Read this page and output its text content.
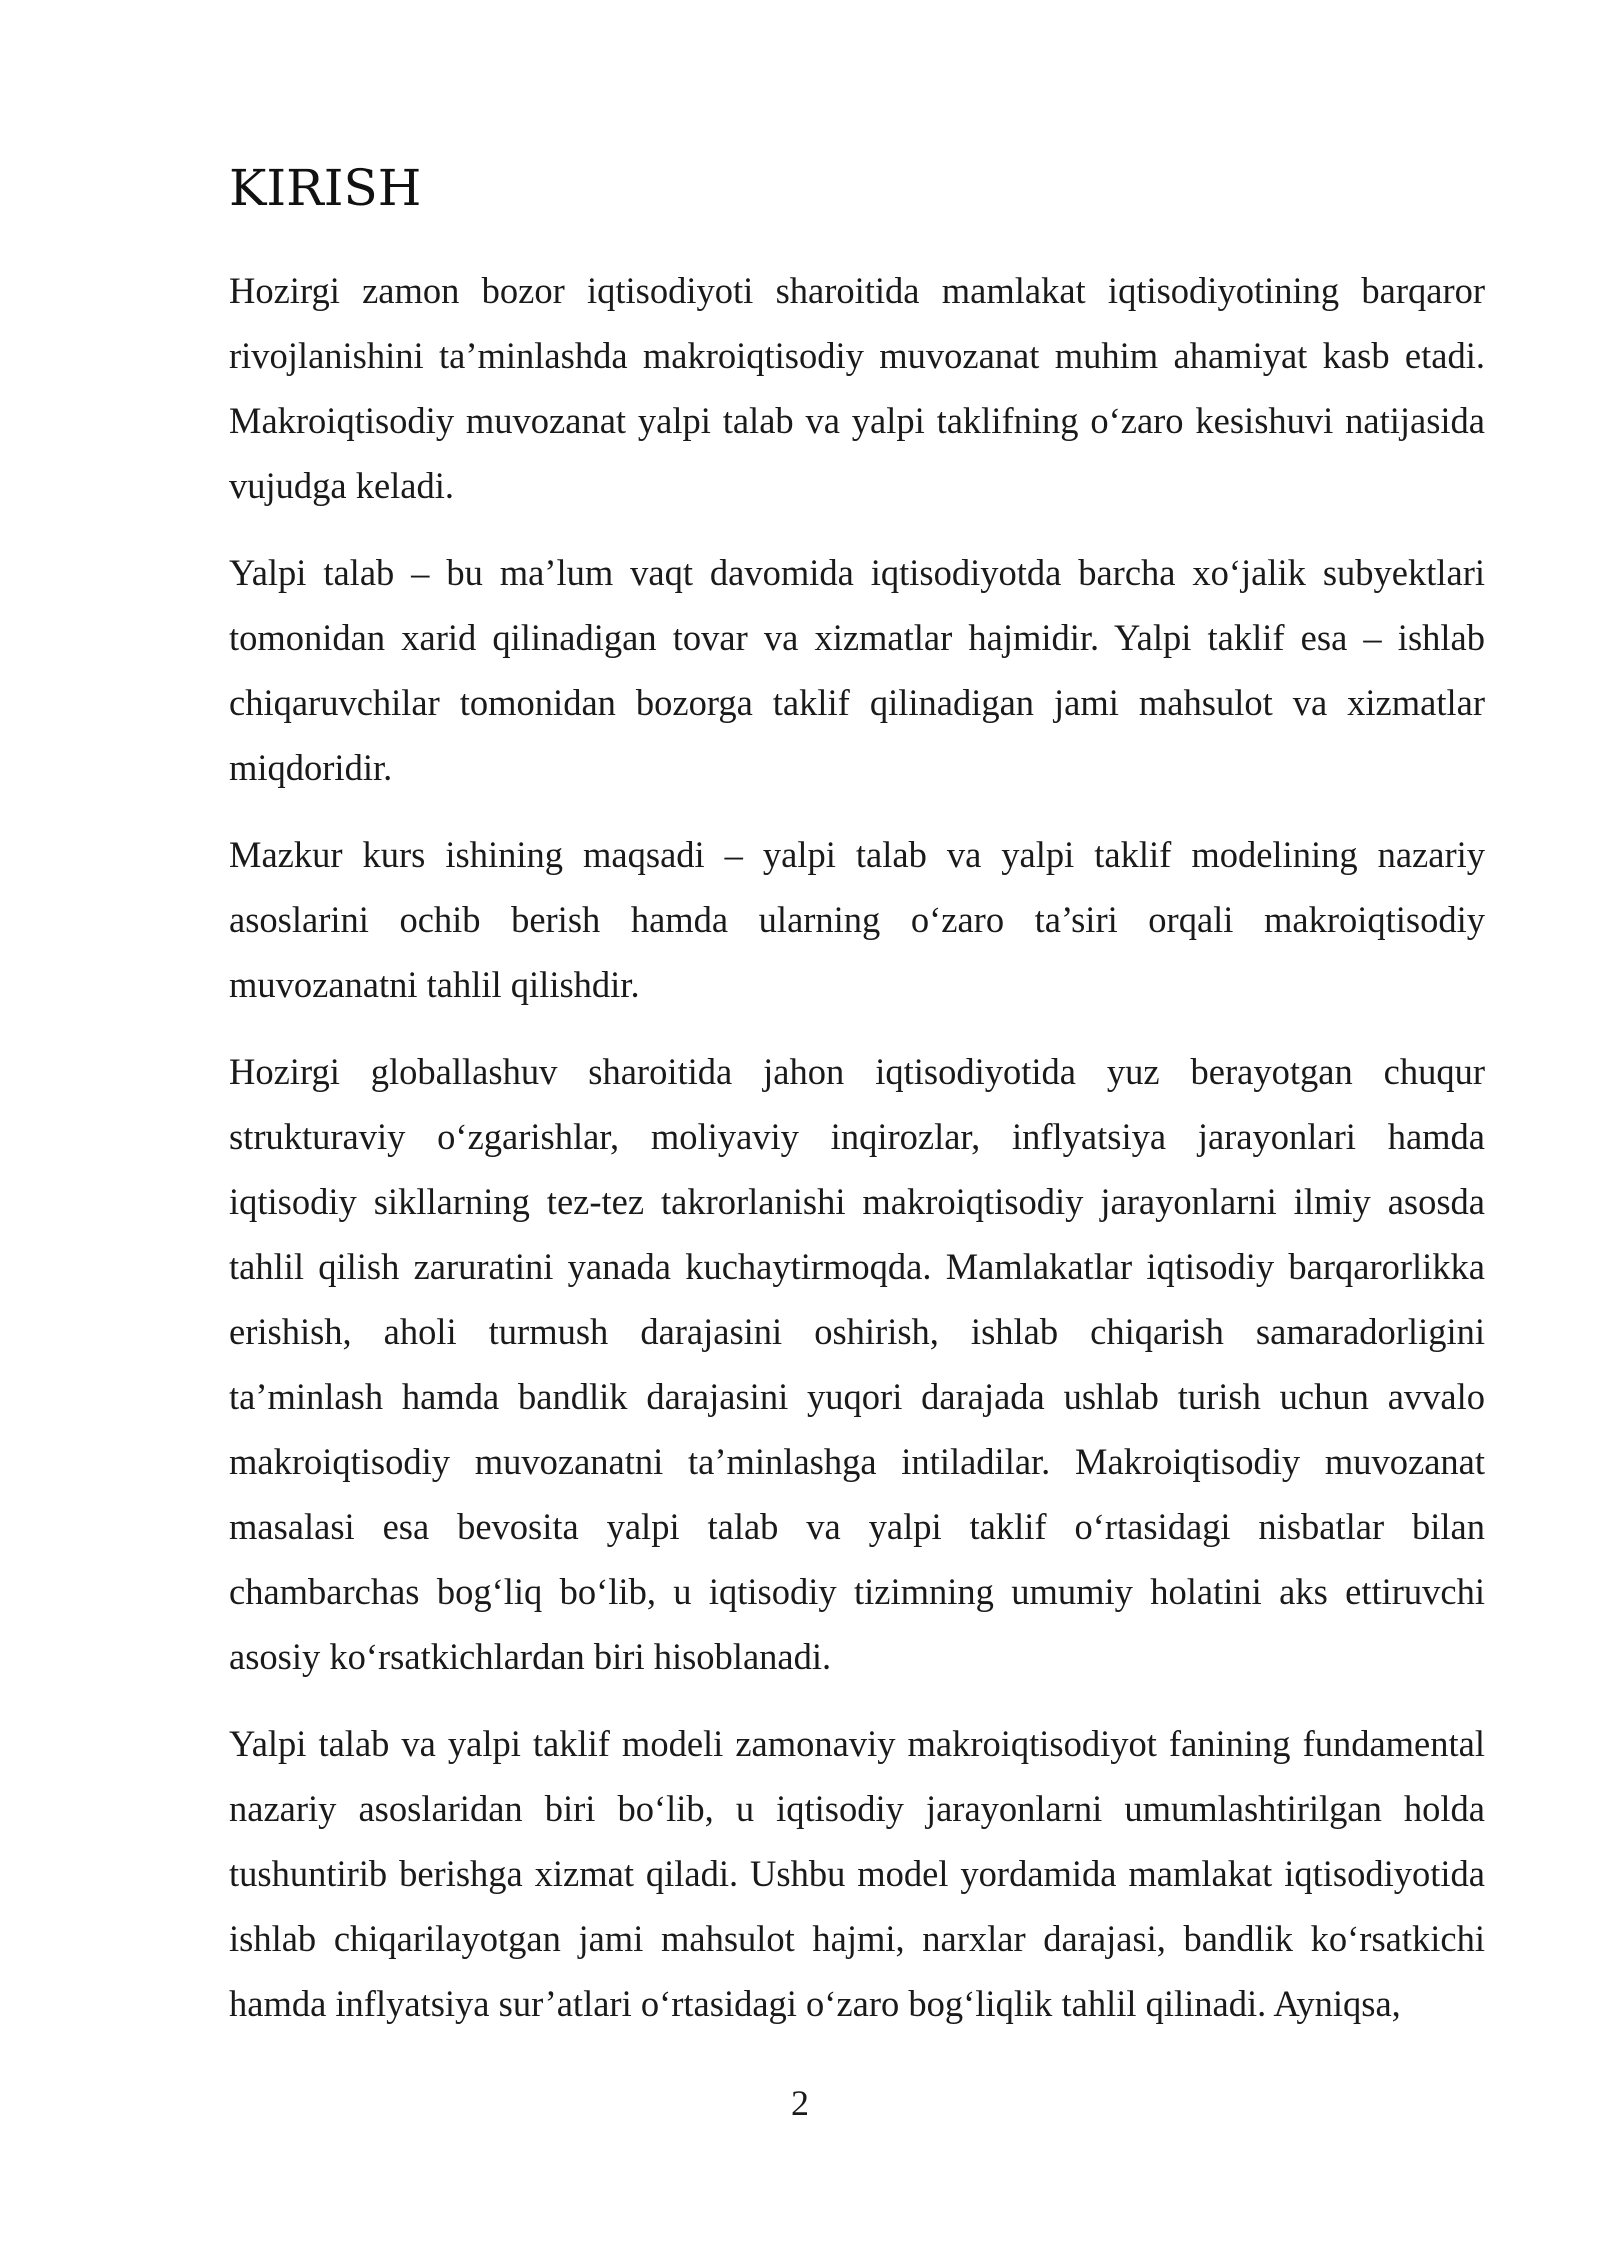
KIRISH

Hozirgi zamon bozor iqtisodiyoti sharoitida mamlakat iqtisodiyotining barqaror rivojlanishini ta’minlashda makroiqtisodiy muvozanat muhim ahamiyat kasb etadi. Makroiqtisodiy muvozanat yalpi talab va yalpi taklifning o‘zaro kesishuvi natijasida vujudga keladi.

Yalpi talab – bu ma’lum vaqt davomida iqtisodiyotda barcha xo‘jalik subyektlari tomonidan xarid qilinadigan tovar va xizmatlar hajmidir. Yalpi taklif esa – ishlab chiqaruvchilar tomonidan bozorga taklif qilinadigan jami mahsulot va xizmatlar miqdoridir.

Mazkur kurs ishining maqsadi – yalpi talab va yalpi taklif modelining nazariy asoslarini ochib berish hamda ularning o‘zaro ta’siri orqali makroiqtisodiy muvozanatni tahlil qilishdir.

Hozirgi globallashuv sharoitida jahon iqtisodiyotida yuz berayotgan chuqur strukturaviy o‘zgarishlar, moliyaviy inqirozlar, inflyatsiya jarayonlari hamda iqtisodiy sikllarning tez-tez takrorlanishi makroiqtisodiy jarayonlarni ilmiy asosda tahlil qilish zaruratini yanada kuchaytirmoqda. Mamlakatlar iqtisodiy barqarorlikka erishish, aholi turmush darajasini oshirish, ishlab chiqarish samaradorligini ta’minlash hamda bandlik darajasini yuqori darajada ushlab turish uchun avvalo makroiqtisodiy muvozanatni ta’minlashga intiladilar. Makroiqtisodiy muvozanat masalasi esa bevosita yalpi talab va yalpi taklif o‘rtasidagi nisbatlar bilan chambarchas bog‘liq bo‘lib, u iqtisodiy tizimning umumiy holatini aks ettiruvchi asosiy ko‘rsatkichlardan biri hisoblanadi.

Yalpi talab va yalpi taklif modeli zamonaviy makroiqtisodiyot fanining fundamental nazariy asoslaridan biri bo‘lib, u iqtisodiy jarayonlarni umumlashtirilgan holda tushuntirib berishga xizmat qiladi. Ushbu model yordamida mamlakat iqtisodiyotida ishlab chiqarilayotgan jami mahsulot hajmi, narxlar darajasi, bandlik ko‘rsatkichi hamda inflyatsiya sur’atlari o‘rtasidagi o‘zaro bog‘liqlik tahlil qilinadi. Ayniqsa,

2
